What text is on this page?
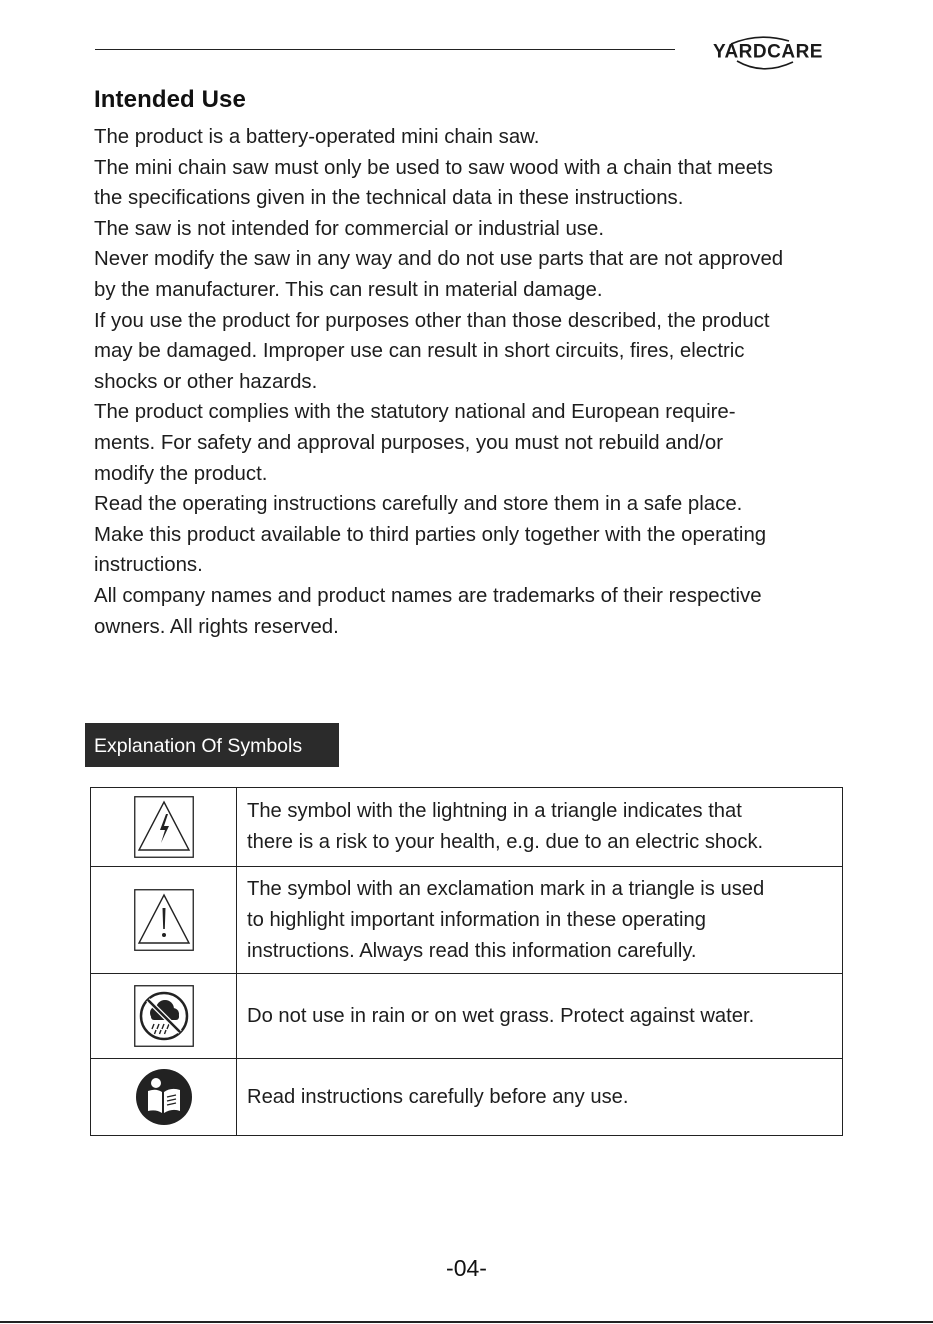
YARDCARE
Intended Use
The product is a battery-operated mini chain saw.
The mini chain saw must only be used to saw wood with a chain that meets
the specifications given in the technical data in these instructions.
The saw is not intended for commercial or industrial use.
Never modify the saw in any way and do not use parts that are not approved
by the manufacturer. This can result in material damage.
If you use the product for purposes other than those described, the product
may be damaged. Improper use can result in short circuits, fires, electric
shocks or other hazards.
The product complies with the statutory national and European require-
ments. For safety and approval purposes, you must not rebuild and/or
modify the product.
Read the operating instructions carefully and store them in a safe place.
Make this product available to third parties only together with the operating
instructions.
All company names and product names are trademarks of their respective
owners. All rights reserved.
Explanation Of Symbols

The symbol with the lightning in a triangle indicates that
there is a risk to your health, e.g. due to an electric shock.

The symbol with an exclamation mark in a triangle is used
to highlight important information in these operating
instructions. Always read this information carefully.

Do not use in rain or on wet grass. Protect against water.

Read instructions carefully before any use.
-04-
